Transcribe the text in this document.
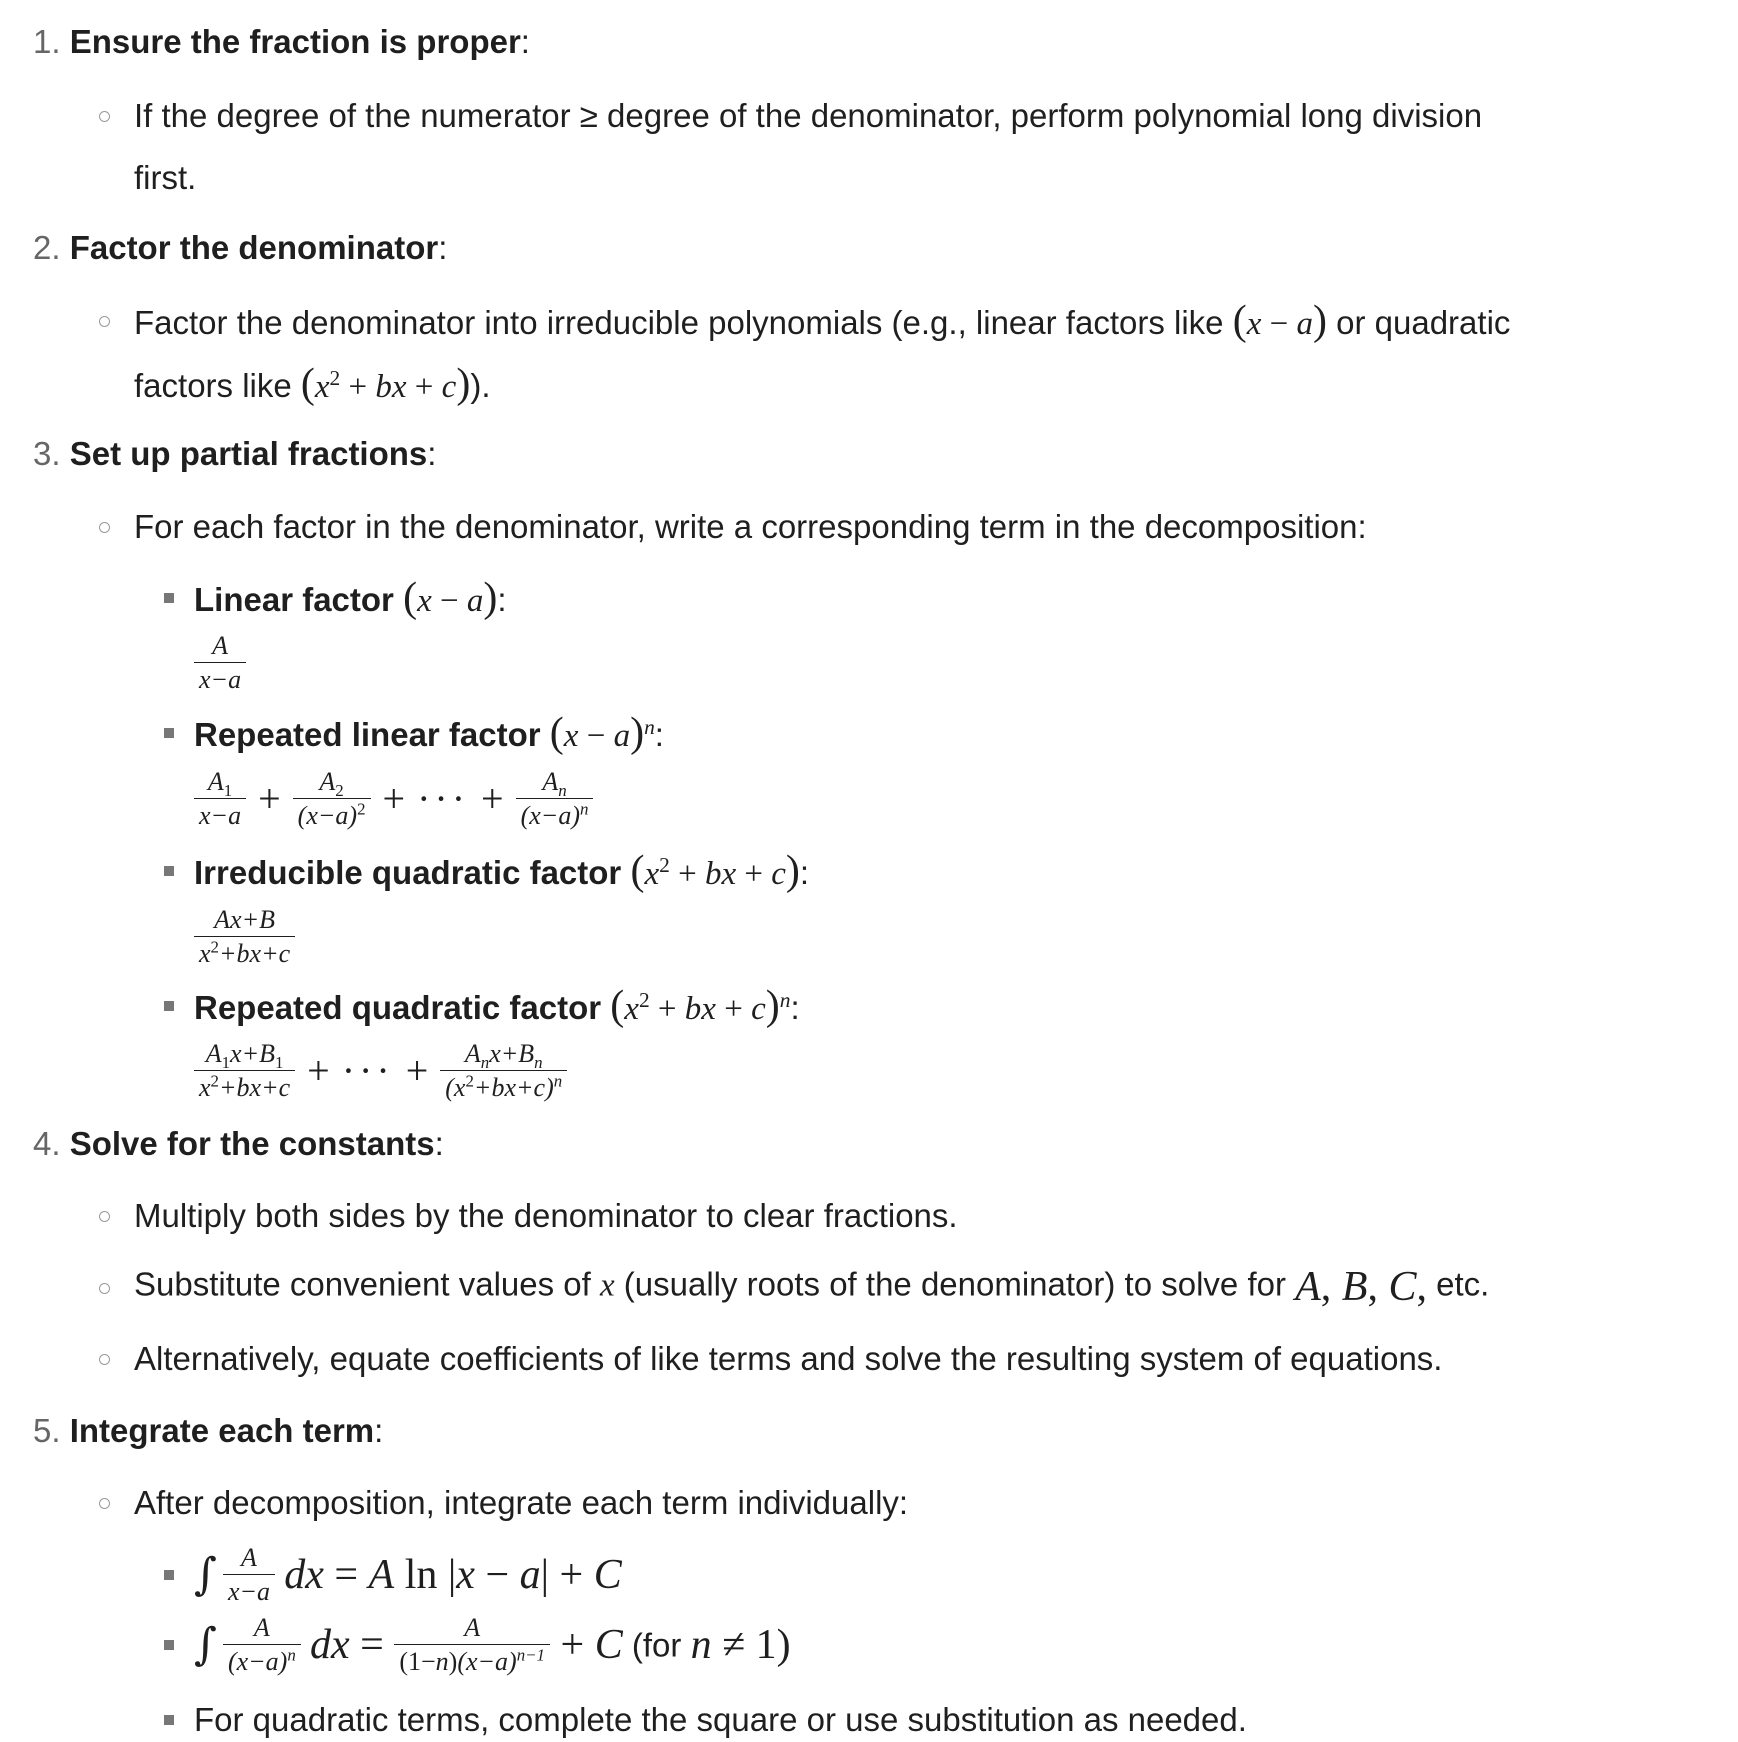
1. Ensure the fraction is proper:
If the degree of the numerator ≥ degree of the denominator, perform polynomial long division
first.
2. Factor the denominator:
Factor the denominator into irreducible polynomials (e.g., linear factors like (x − a) or quadratic
factors like ($x^2$ + bx + c)).
3. Set up partial fractions:
For each factor in the denominator, write a corresponding term in the decomposition:
Linear factor (x − a):
$\frac{A}{x-a}$
Repeated linear factor $(x - a)^n$:
$\frac{A_1}{x-a} + \frac{A_2}{(x-a)^2}$ + ··· + $\frac{A_n}{(x-a)^n}$
Irreducible quadratic factor ($x^2$ + bx + c):
$\frac{Ax+B}{x^2+bx+c}$
Repeated quadratic factor ($x^2$ + bx + c)$^n$:
$\frac{A_1x+B_1}{x^2+bx+c}$ + ··· + $\frac{A_nx+B_n}{(x^2+bx+c)^n}$
4. Solve for the constants:
Multiply both sides by the denominator to clear fractions.
Substitute convenient values of x (usually roots of the denominator) to solve for A, B, C, etc.
Alternatively, equate coefficients of like terms and solve the resulting system of equations.
5. Integrate each term:
After decomposition, integrate each term individually:
∫ $\frac{A}{x-a}$ dx = A ln |x − a| + C
∫ $\frac{A}{(x-a)^n}$ dx = $\frac{A}{(1-n)(x-a)^{n-1}} + C$ (for n ≠ 1)
For quadratic terms, complete the square or use substitution as needed.
